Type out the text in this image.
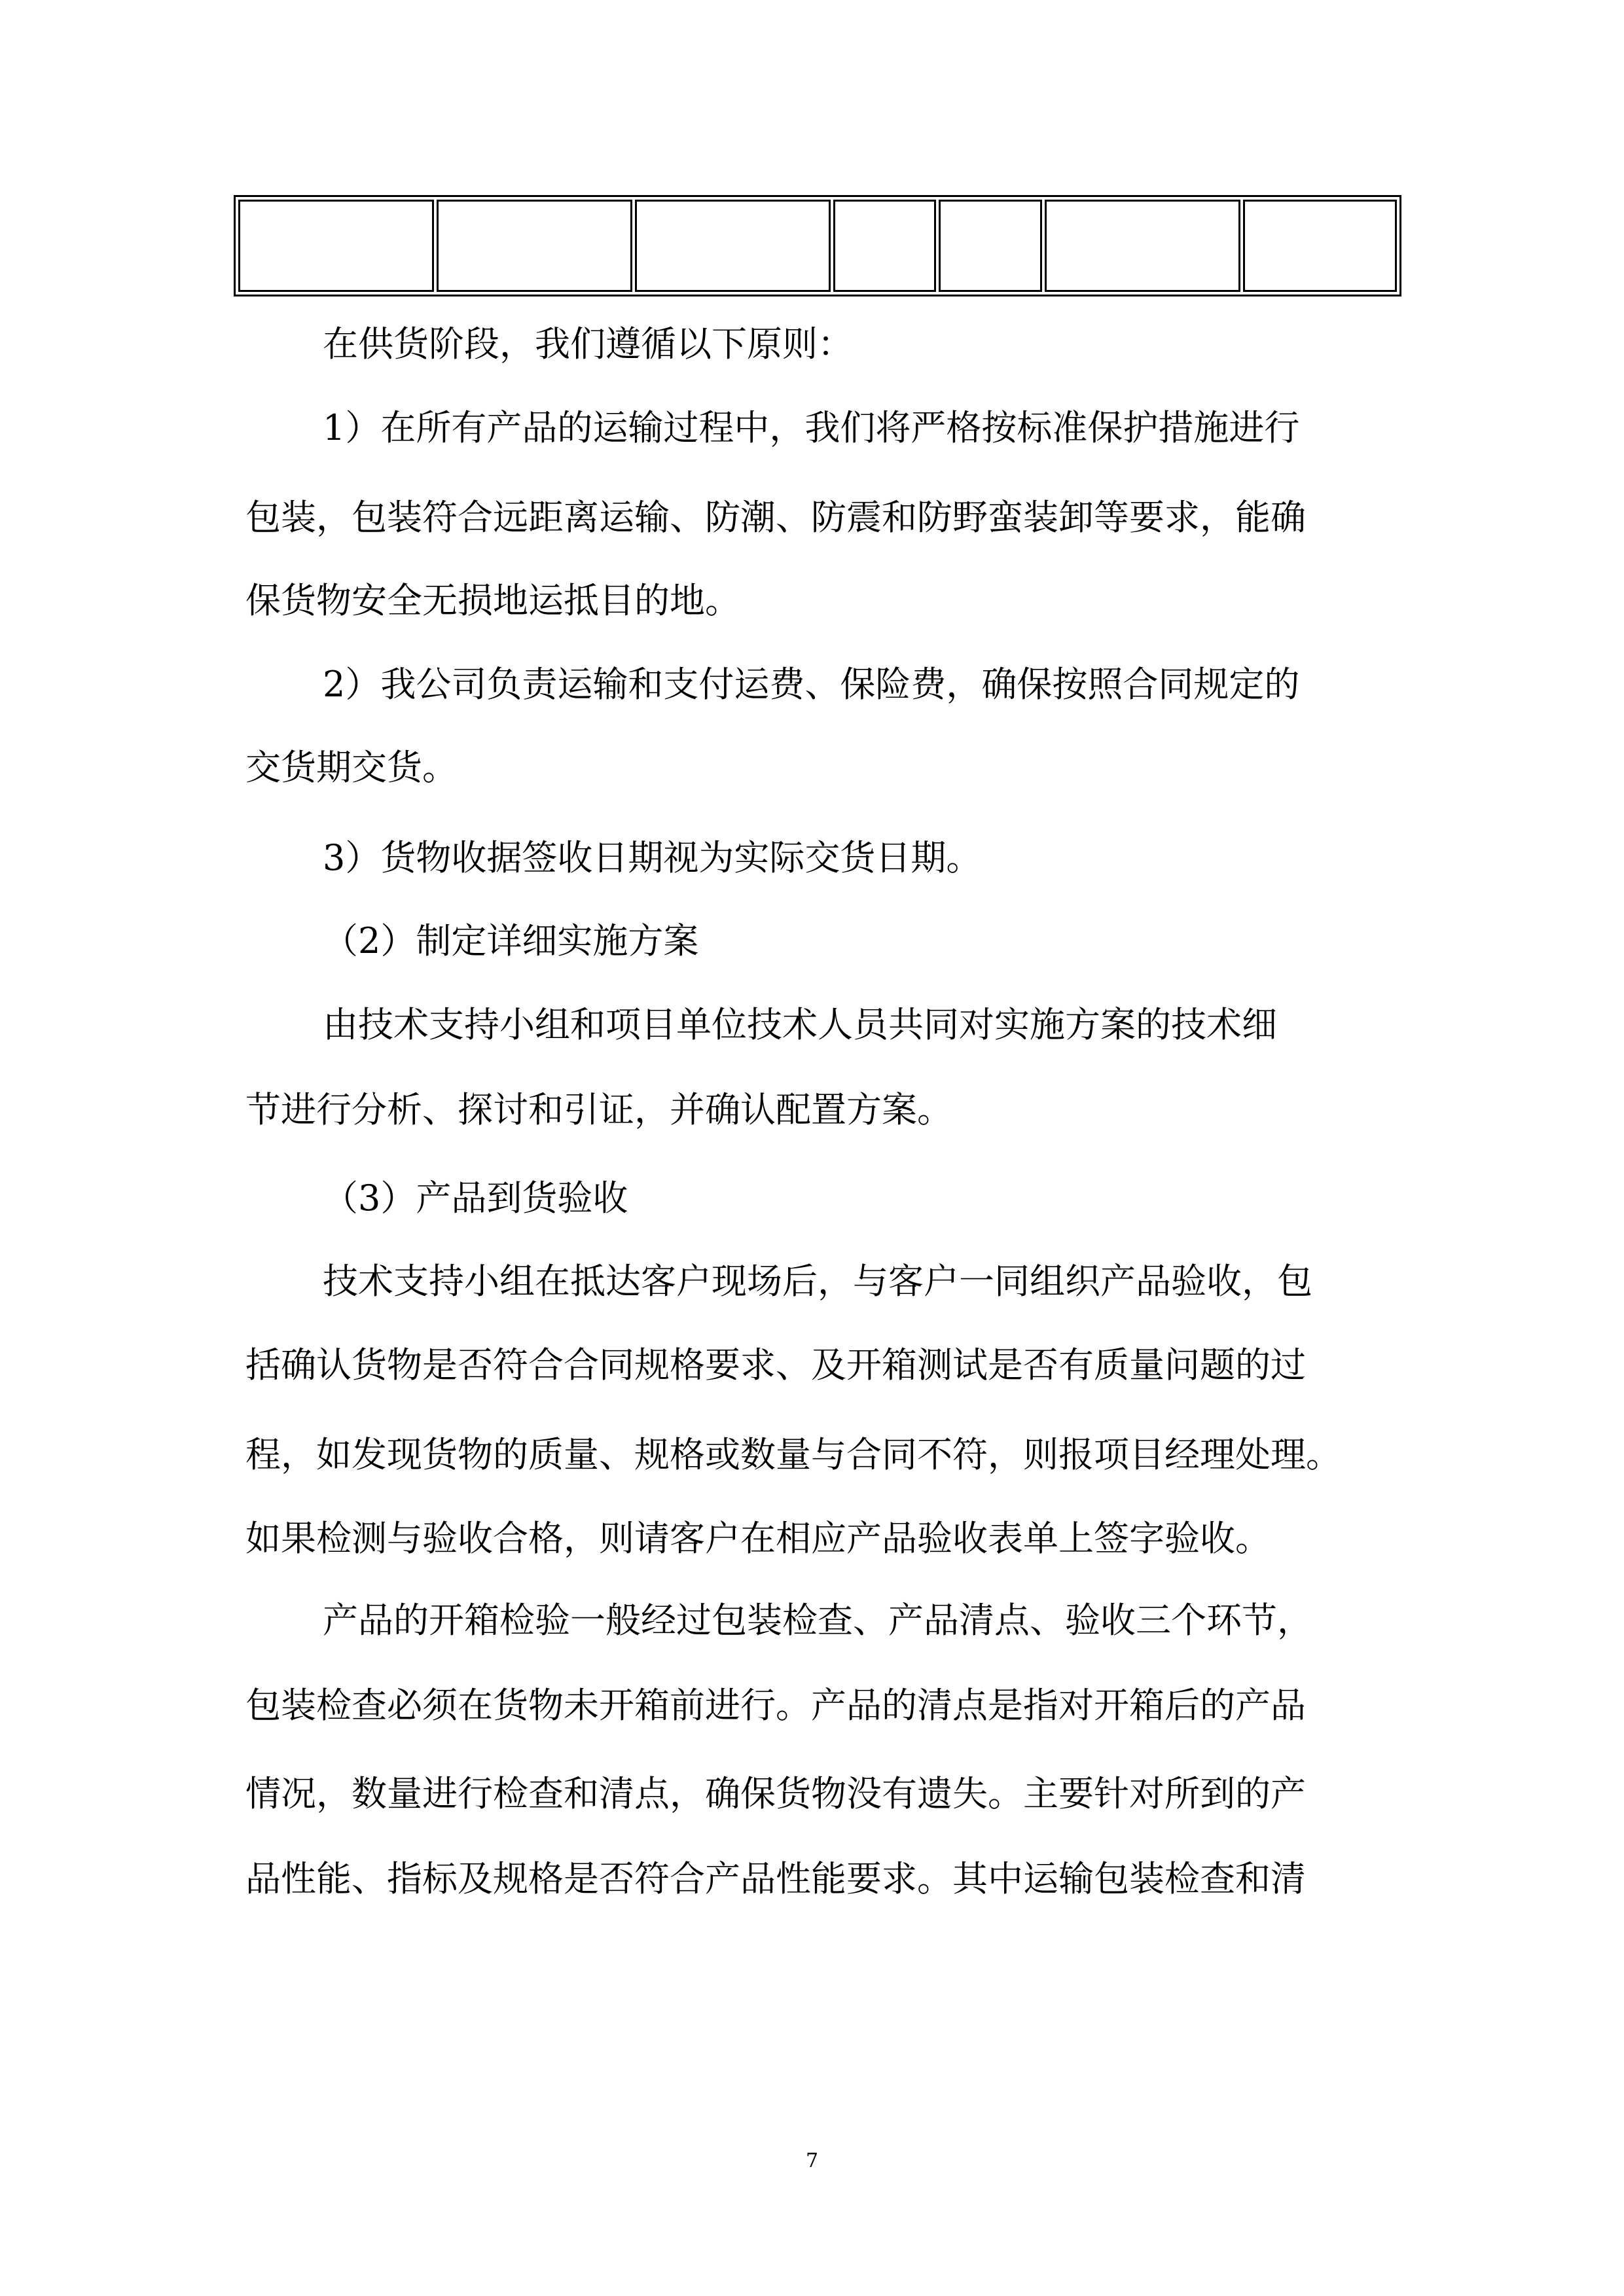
在供货阶段，我们遵循以下原则：

1）在所有产品的运输过程中，我们将严格按标准保护措施进行

包装，包装符合远距离运输、防潮、防震和防野蛮装卸等要求，能确

保货物安全无损地运抵目的地。

2）我公司负责运输和支付运费、保险费，确保按照合同规定的

交货期交货。

3）货物收据签收日期视为实际交货日期。

（2）制定详细实施方案

由技术支持小组和项目单位技术人员共同对实施方案的技术细

节进行分析、探讨和引证，并确认配置方案。

（3）产品到货验收

技术支持小组在抵达客户现场后，与客户一同组织产品验收，包

括确认货物是否符合合同规格要求、及开箱测试是否有质量问题的过

程，如发现货物的质量、规格或数量与合同不符，则报项目经理处理。

如果检测与验收合格，则请客户在相应产品验收表单上签字验收。

产品的开箱检验一般经过包装检查、产品清点、验收三个环节，

包装检查必须在货物未开箱前进行。产品的清点是指对开箱后的产品

情况，数量进行检查和清点，确保货物没有遗失。主要针对所到的产

品性能、指标及规格是否符合产品性能要求。其中运输包装检查和清

7
